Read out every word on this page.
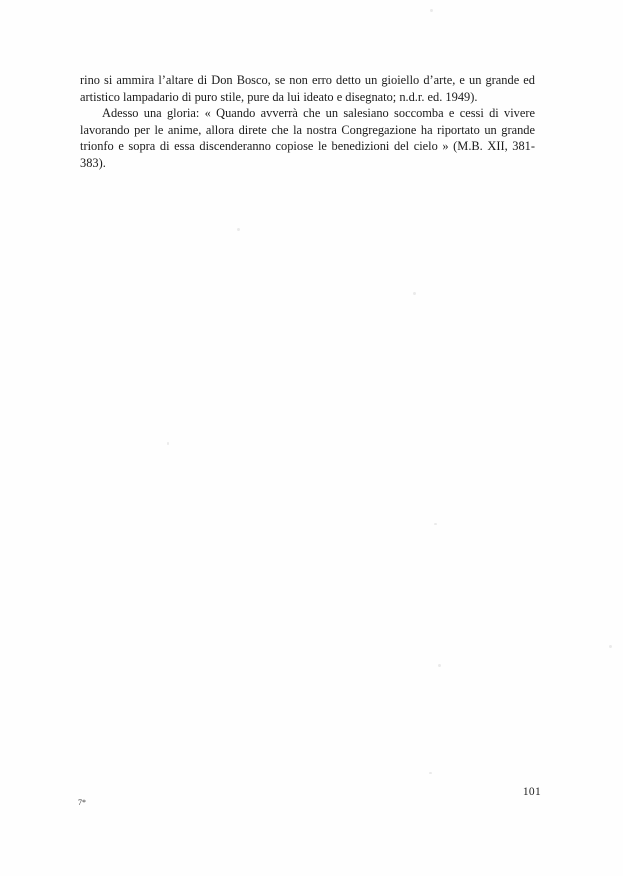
rino si ammira l’altare di Don Bosco, se non erro detto un gioiello d’arte, e un grande ed artistico lampadario di puro stile, pure da lui ideato e disegnato; n.d.r. ed. 1949).

Adesso una gloria: « Quando avverrà che un salesiano soccomba e cessi di vivere lavorando per le anime, allora direte che la nostra Congregazione ha riportato un grande trionfo e sopra di essa discenderanno copiose le benedizioni del cielo » (M.B. XII, 381-383).

101
7*
